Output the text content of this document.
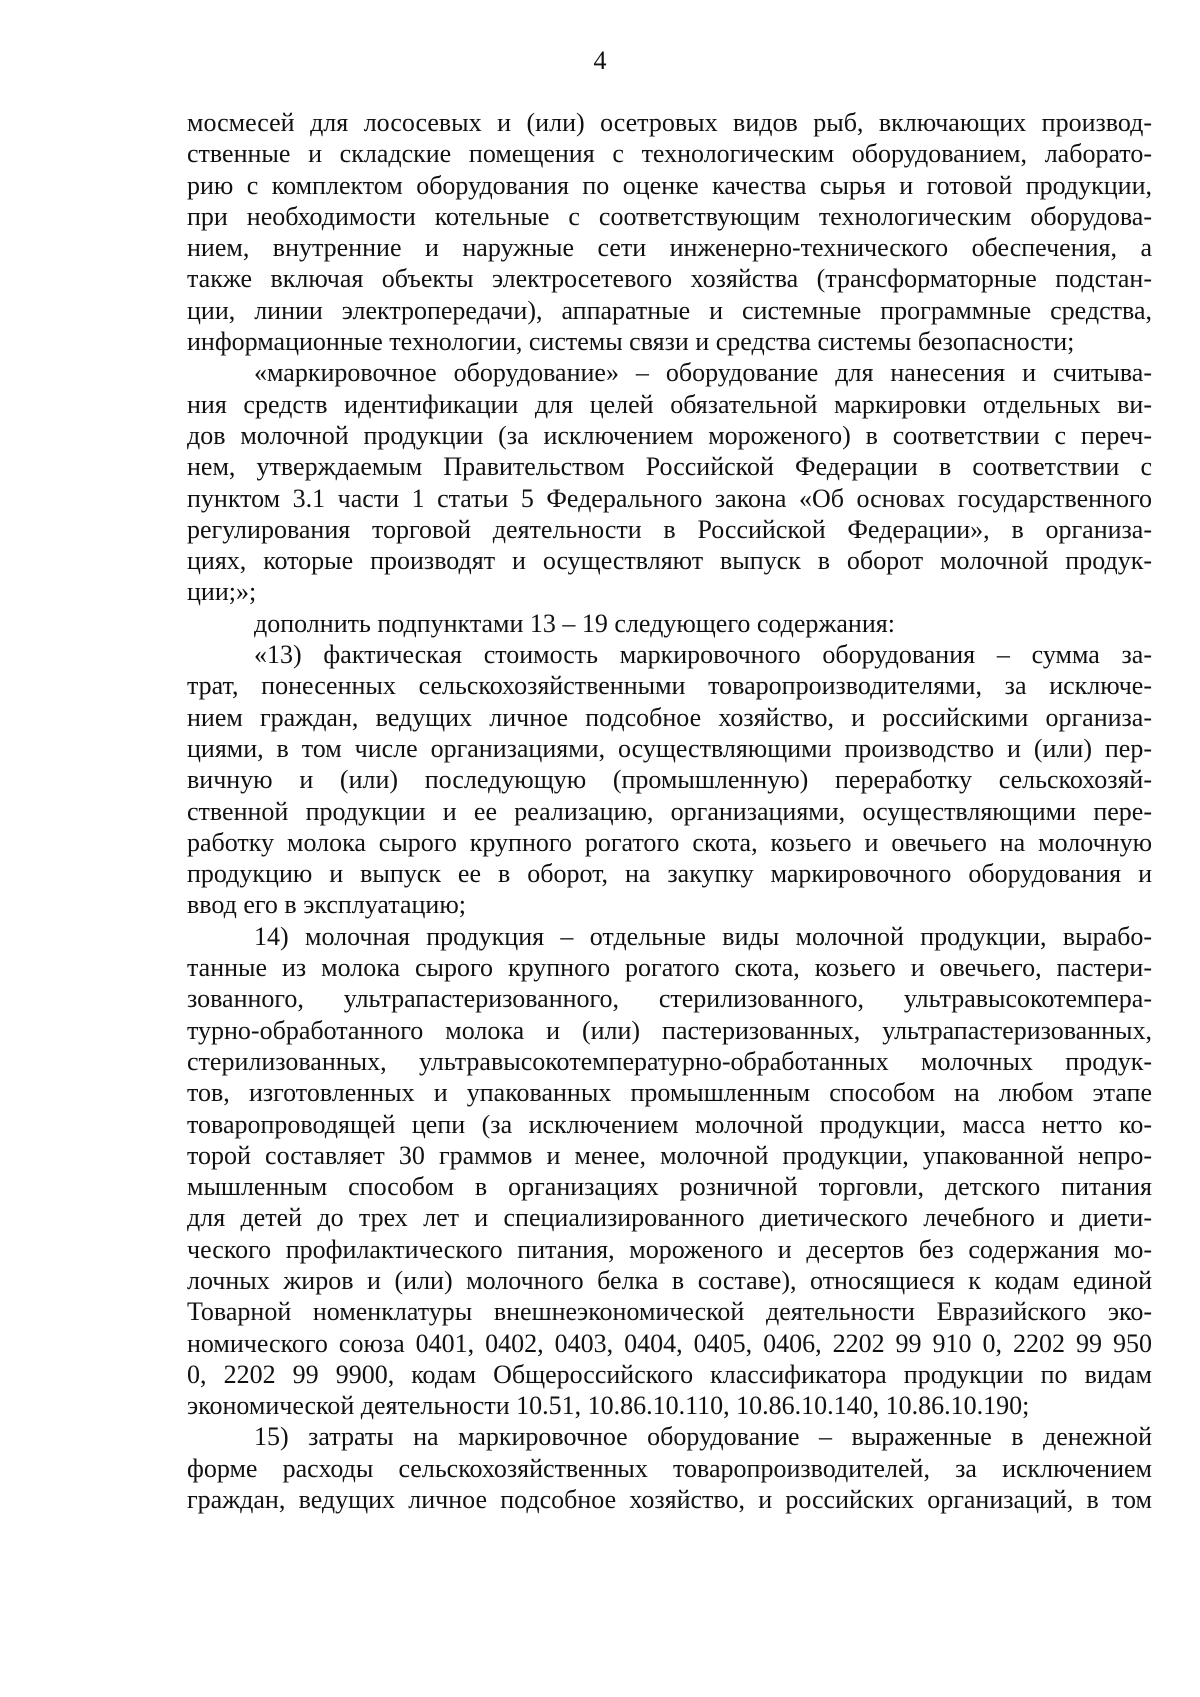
4
мосмесей для лососевых и (или) осетровых видов рыб, включающих производ-
ственные и складские помещения с технологическим оборудованием, лаборато-
рию с комплектом оборудования по оценке качества сырья и готовой продукции,
при необходимости котельные с соответствующим технологическим оборудова-
нием, внутренние и наружные сети инженерно-технического обеспечения, а
также включая объекты электросетевого хозяйства (трансформаторные подстан-
ции, линии электропередачи), аппаратные и системные программные средства,
информационные технологии, системы связи и средства системы безопасности;
«маркировочное оборудование» – оборудование для нанесения и считыва-
ния средств идентификации для целей обязательной маркировки отдельных ви-
дов молочной продукции (за исключением мороженого) в соответствии с переч-
нем, утверждаемым Правительством Российской Федерации в соответствии с
пунктом 3.1 части 1 статьи 5 Федерального закона «Об основах государственного
регулирования торговой деятельности в Российской Федерации», в организа-
циях, которые производят и осуществляют выпуск в оборот молочной продук-
ции;»;
дополнить подпунктами 13 – 19 следующего содержания:
«13) фактическая стоимость маркировочного оборудования – сумма за-
трат, понесенных сельскохозяйственными товаропроизводителями, за исключе-
нием граждан, ведущих личное подсобное хозяйство, и российскими организа-
циями, в том числе организациями, осуществляющими производство и (или) пер-
вичную и (или) последующую (промышленную) переработку сельскохозяй-
ственной продукции и ее реализацию, организациями, осуществляющими пере-
работку молока сырого крупного рогатого скота, козьего и овечьего на молочную
продукцию и выпуск ее в оборот, на закупку маркировочного оборудования и
ввод его в эксплуатацию;
14) молочная продукция – отдельные виды молочной продукции, вырабо-
танные из молока сырого крупного рогатого скота, козьего и овечьего, пастери-
зованного, ультрапастеризованного, стерилизованного, ультравысокотемпера-
турно-обработанного молока и (или) пастеризованных, ультрапастеризованных,
стерилизованных, ультравысокотемпературно-обработанных молочных продук-
тов, изготовленных и упакованных промышленным способом на любом этапе
товаропроводящей цепи (за исключением молочной продукции, масса нетто ко-
торой составляет 30 граммов и менее, молочной продукции, упакованной непро-
мышленным способом в организациях розничной торговли, детского питания
для детей до трех лет и специализированного диетического лечебного и диети-
ческого профилактического питания, мороженого и десертов без содержания мо-
лочных жиров и (или) молочного белка в составе), относящиеся к кодам единой
Товарной номенклатуры внешнеэкономической деятельности Евразийского эко-
номического союза 0401, 0402, 0403, 0404, 0405, 0406, 2202 99 910 0, 2202 99 950
0, 2202 99 9900, кодам Общероссийского классификатора продукции по видам
экономической деятельности 10.51, 10.86.10.110, 10.86.10.140, 10.86.10.190;
15) затраты на маркировочное оборудование – выраженные в денежной
форме расходы сельскохозяйственных товаропроизводителей, за исключением
граждан, ведущих личное подсобное хозяйство, и российских организаций, в том
